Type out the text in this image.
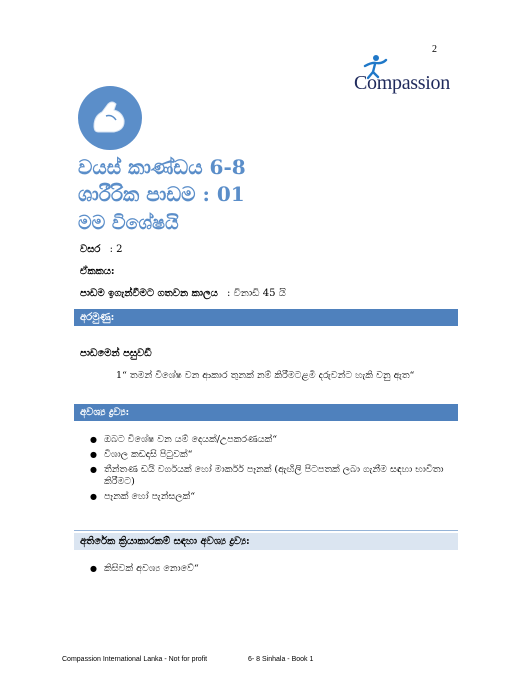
2
Compassion
වයස් කාණ්ඩය 6-8
ශාරීරික පාඩම : 01
මම විශේෂයි
වසර : 2
ඒකකය:
පාඩම ඉගැන්වීමට ගතවන කාලය : විනාඩි 45 යි
අරමුණු:
පාඩමෙන් පසුවඩී
1“ තමන් විශේෂ වන ආකාර තුනක් නම් කිරීමටළමි දරුවන්ට හැකි වනු ඇත“
අවශ්‍ය ද්‍රව්‍ය:
● ඔබට විශේෂ වන යම් දෙයක්/උපකරණයක්“
● විශාල කඩදාසි පිටුවක්“
● තීන්තණ ඩයි වර්ගයක් හෝ මාර්කර් පෑනක් (ඇඟිලි පිටපතක් ලබා ගැනීම සඳහා භාවිතා කිරීමට)
● පෑනක් හෝ පැන්සලක්“
අතිරේක ක්‍රියාකාරකම් සඳහා අවශ්‍ය ද්‍රව්‍ය:
● කිසිවක් අවශ්‍ය නොවේ“
Compassion International Lanka - Not for profit	6- 8 Sinhala - Book 1
